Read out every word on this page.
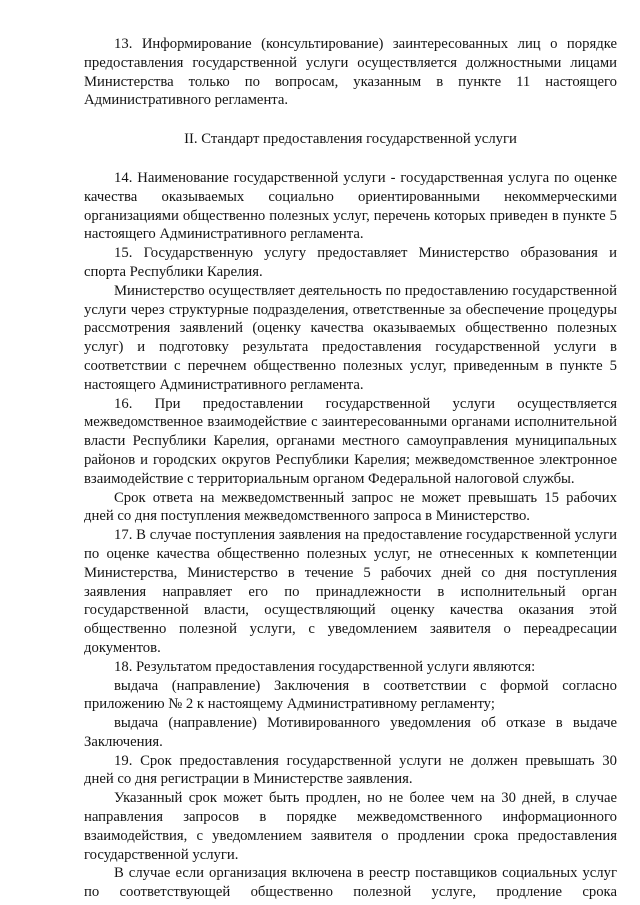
13. Информирование (консультирование) заинтересованных лиц о порядке предоставления государственной услуги осуществляется должностными лицами Министерства только по вопросам, указанным в пункте 11 настоящего Административного регламента.

II. Стандарт предоставления государственной услуги

14. Наименование государственной услуги - государственная услуга по оценке качества оказываемых социально ориентированными некоммерческими организациями общественно полезных услуг, перечень которых приведен в пункте 5 настоящего Административного регламента.

15. Государственную услугу предоставляет Министерство образования и спорта Республики Карелия.

Министерство осуществляет деятельность по предоставлению государственной услуги через структурные подразделения, ответственные за обеспечение процедуры рассмотрения заявлений (оценку качества оказываемых общественно полезных услуг) и подготовку результата предоставления государственной услуги в соответствии с перечнем общественно полезных услуг, приведенным в пункте 5 настоящего Административного регламента.

16. При предоставлении государственной услуги осуществляется межведомственное взаимодействие с заинтересованными органами исполнительной власти Республики Карелия, органами местного самоуправления муниципальных районов и городских округов Республики Карелия; межведомственное электронное взаимодействие с территориальным органом Федеральной налоговой службы.

Срок ответа на межведомственный запрос не может превышать 15 рабочих дней со дня поступления межведомственного запроса в Министерство.

17. В случае поступления заявления на предоставление государственной услуги по оценке качества общественно полезных услуг, не отнесенных к компетенции Министерства, Министерство в течение 5 рабочих дней со дня поступления заявления направляет его по принадлежности в исполнительный орган государственной власти, осуществляющий оценку качества оказания этой общественно полезной услуги, с уведомлением заявителя о переадресации документов.

18. Результатом предоставления государственной услуги являются:

выдача (направление) Заключения в соответствии с формой согласно приложению № 2 к настоящему Административному регламенту;

выдача (направление) Мотивированного уведомления об отказе в выдаче Заключения.

19. Срок предоставления государственной услуги не должен превышать 30 дней со дня регистрации в Министерстве заявления.

Указанный срок может быть продлен, но не более чем на 30 дней, в случае направления запросов в порядке межведомственного информационного взаимодействия, с уведомлением заявителя о продлении срока предоставления государственной услуги.

В случае если организация включена в реестр поставщиков социальных услуг по соответствующей общественно полезной услуге, продление срока
